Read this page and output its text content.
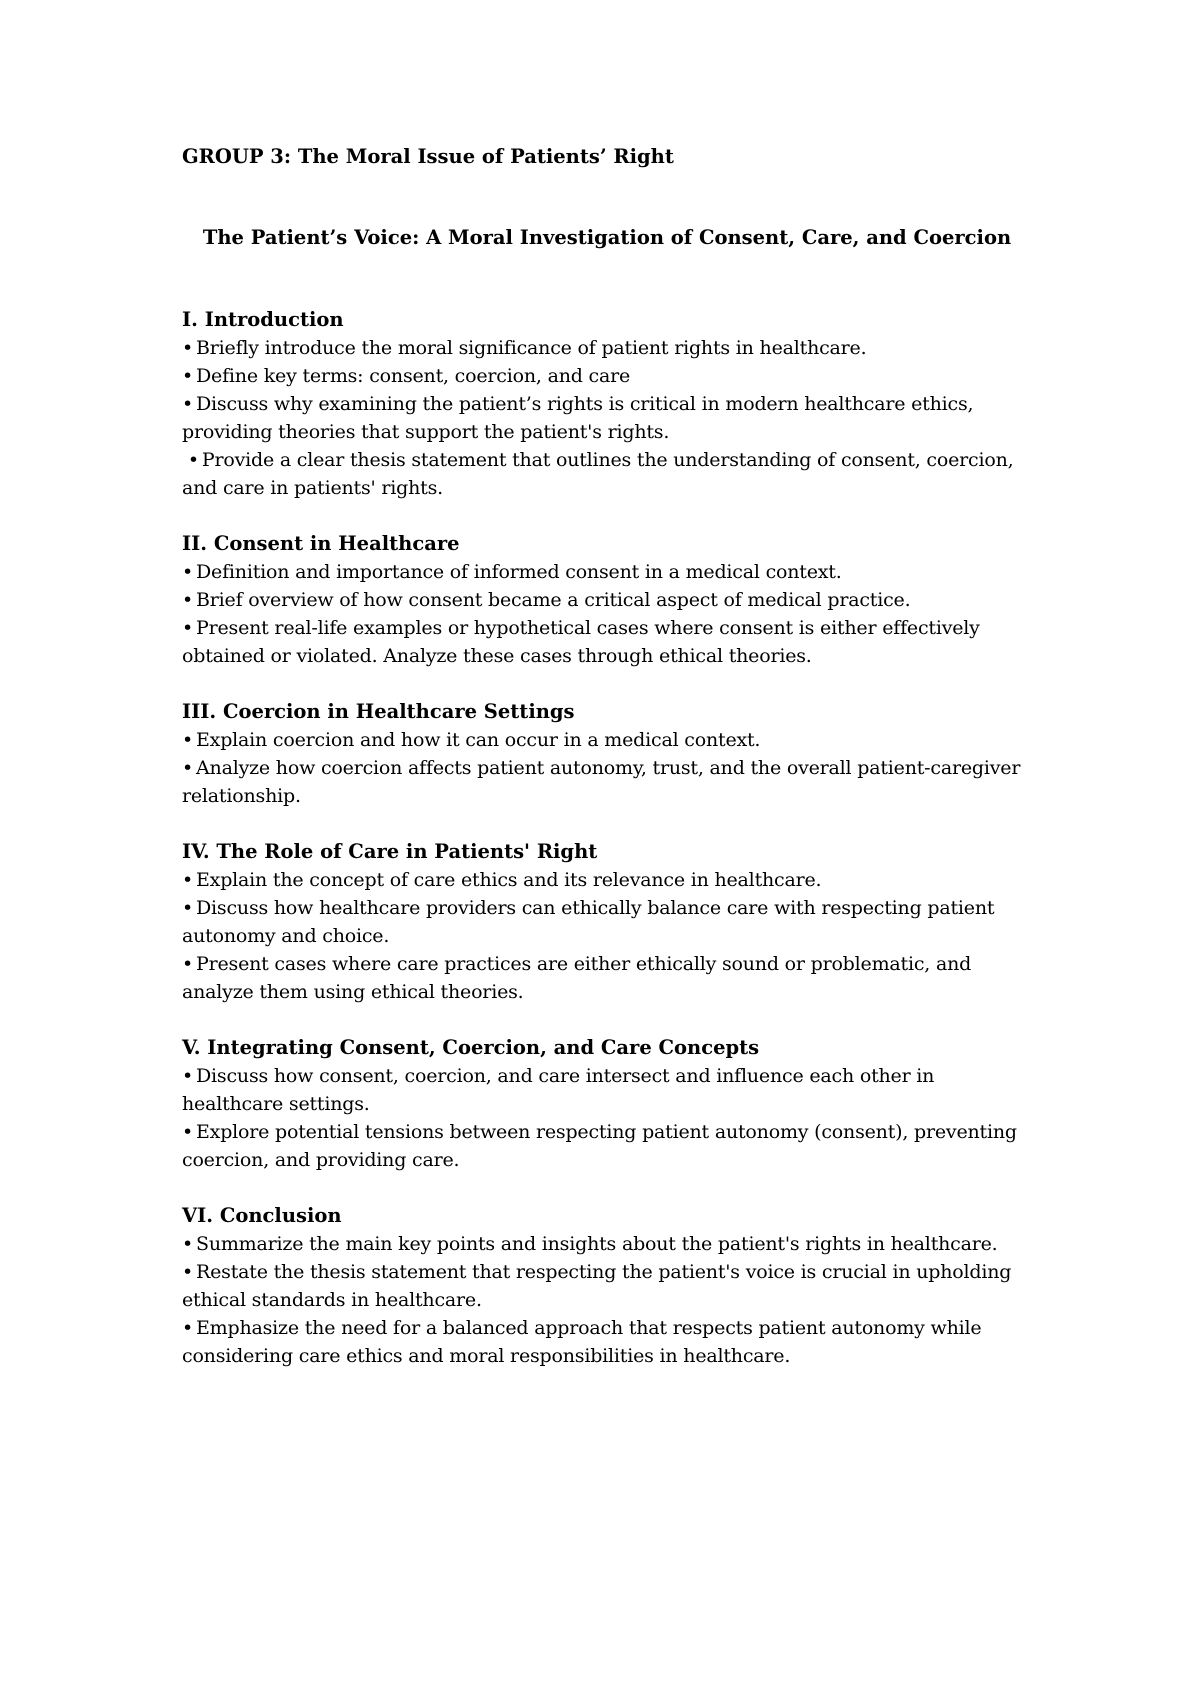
GROUP 3: The Moral Issue of Patients’ Right

The Patient’s Voice: A Moral Investigation of Consent, Care, and Coercion

I. Introduction

• Briefly introduce the moral significance of patient rights in healthcare.

• Define key terms: consent, coercion, and care

• Discuss why examining the patient’s rights is critical in modern healthcare ethics, providing theories that support the patient's rights.

• Provide a clear thesis statement that outlines the understanding of consent, coercion, and care in patients' rights.

II. Consent in Healthcare

• Definition and importance of informed consent in a medical context.

• Brief overview of how consent became a critical aspect of medical practice.

• Present real-life examples or hypothetical cases where consent is either effectively obtained or violated. Analyze these cases through ethical theories.

III. Coercion in Healthcare Settings

• Explain coercion and how it can occur in a medical context.

• Analyze how coercion affects patient autonomy, trust, and the overall patient-caregiver relationship.

IV. The Role of Care in Patients' Right

• Explain the concept of care ethics and its relevance in healthcare.

• Discuss how healthcare providers can ethically balance care with respecting patient autonomy and choice.

• Present cases where care practices are either ethically sound or problematic, and analyze them using ethical theories.

V. Integrating Consent, Coercion, and Care Concepts

• Discuss how consent, coercion, and care intersect and influence each other in healthcare settings.

• Explore potential tensions between respecting patient autonomy (consent), preventing coercion, and providing care.

VI. Conclusion

• Summarize the main key points and insights about the patient's rights in healthcare.

• Restate the thesis statement that respecting the patient's voice is crucial in upholding ethical standards in healthcare.

• Emphasize the need for a balanced approach that respects patient autonomy while considering care ethics and moral responsibilities in healthcare.
